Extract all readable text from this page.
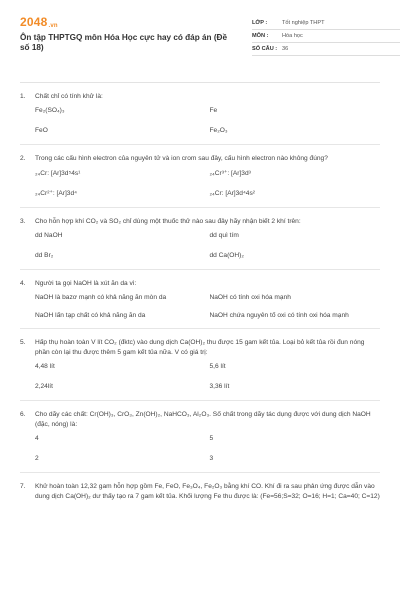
$2048_{.vn}$
Ôn tập THPTGQ môn Hóa Học cực hay có đáp án (Đề số 18)
LỚP :	Tốt nghiệp THPT
MÔN :	Hóa học
SỐ CÂU : 36
1.	Chất chỉ có tính khử là:
Fe₂(SO₄)₃	Fe
FeO	Fe₂O₃
2.	Trong các cấu hình electron của nguyên tử và ion crom sau đây, cấu hình electron nào không đúng?
₂₄Cr: [Ar]3d⁵4s¹	₂₄Cr³⁺: [Ar]3d³
₂₄Cr²⁺: [Ar]3d⁴	₂₄Cr: [Ar]3d⁴4s²
3.	Cho hỗn hợp khí CO₂ và SO₂ chỉ dùng một thuốc thử nào sau đây hãy nhận biết 2 khí trên:
dd NaOH	dd quì tím
dd Br₂	dd Ca(OH)₂
4.	Người ta gọi NaOH là xút ăn da vì:
NaOH là bazơ mạnh có khả năng ăn mòn da	NaOH có tính oxi hóa mạnh
NaOH lấn tạp chất có khả năng ăn da	NaOH chứa nguyên tố oxi có tính oxi hóa mạnh
5.	Hấp thụ hoàn toàn V lít CO₂ (đktc) vào dung dịch Ca(OH)₂ thu được 15 gam kết tủa. Loại bỏ kết tủa rồi đun nóng phần còn lại thu được thêm 5 gam kết tủa nữa. V có giá trị:
4,48 lít	5,6 lít
2,24lít	3,36 lít
6.	Cho dãy các chất: Cr(OH)₃, CrO₃, Zn(OH)₂, NaHCO₃, Al₂O₃. Số chất trong dãy tác dụng được với dung dịch NaOH (đặc, nóng) là:
4	5
2	3
7.	Khử hoàn toàn 12,32 gam hỗn hợp gồm Fe, FeO, Fe₃O₄, Fe₂O₃ bằng khí CO. Khí đi ra sau phản ứng được dẫn vào dung dịch Ca(OH)₂ dư thấy tạo ra 7 gam kết tủa. Khối lượng Fe thu được là: (Fe=56;S=32; O=16; H=1; Ca=40; C=12)
